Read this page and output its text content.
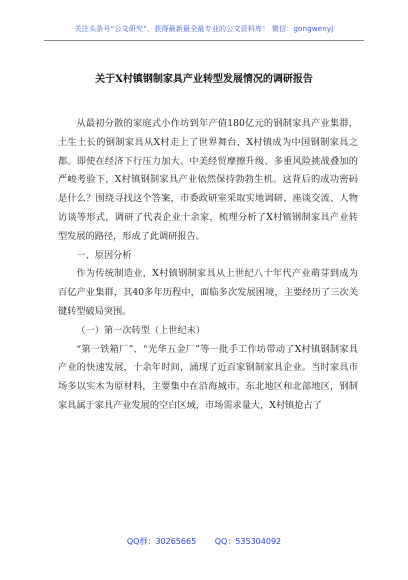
关注头条号“公文研究”，获得最新最全最专业的公文资料库！ 微信：gongwenyj
关于X村镇钢制家具产业转型发展情况的调研报告

从最初分散的家庭式小作坊到年产值180亿元的钢制家具产业集群，土生土长的钢制家具从X村走上了世界舞台，X村镇成为中国钢制家具之都。即使在经济下行压力加大、中美经贸摩擦升级、多重风险挑战叠加的严峻考验下，X村镇钢制家具产业依然保持勃勃生机。这背后的成功密码是什么？围绕寻找这个答案，市委政研室采取实地调研、座谈交流、人物访谈等形式，调研了代表企业十余家，梳理分析了X村镇钢制家具产业转型发展的路径，形成了此调研报告。

一、原因分析

作为传统制造业，X村镇钢制家具从上世纪八十年代产业萌芽到成为百亿产业集群，其40多年历程中，面临多次发展困境，主要经历了三次关键转型破局突围。

（一）第一次转型（上世纪末）

“第一铁箱厂”、“光华五金厂”等一批手工作坊带动了X村镇钢制家具产业的快速发展，十余年时间，涌现了近百家钢制家具企业。当时家具市场多以实木为原材料，主要集中在沿海城市、东北地区和北部地区，钢制家具属于家具产业发展的空白区域，市场需求量大，X村镇抢占了

QQ群：30265665 QQ：535304092
